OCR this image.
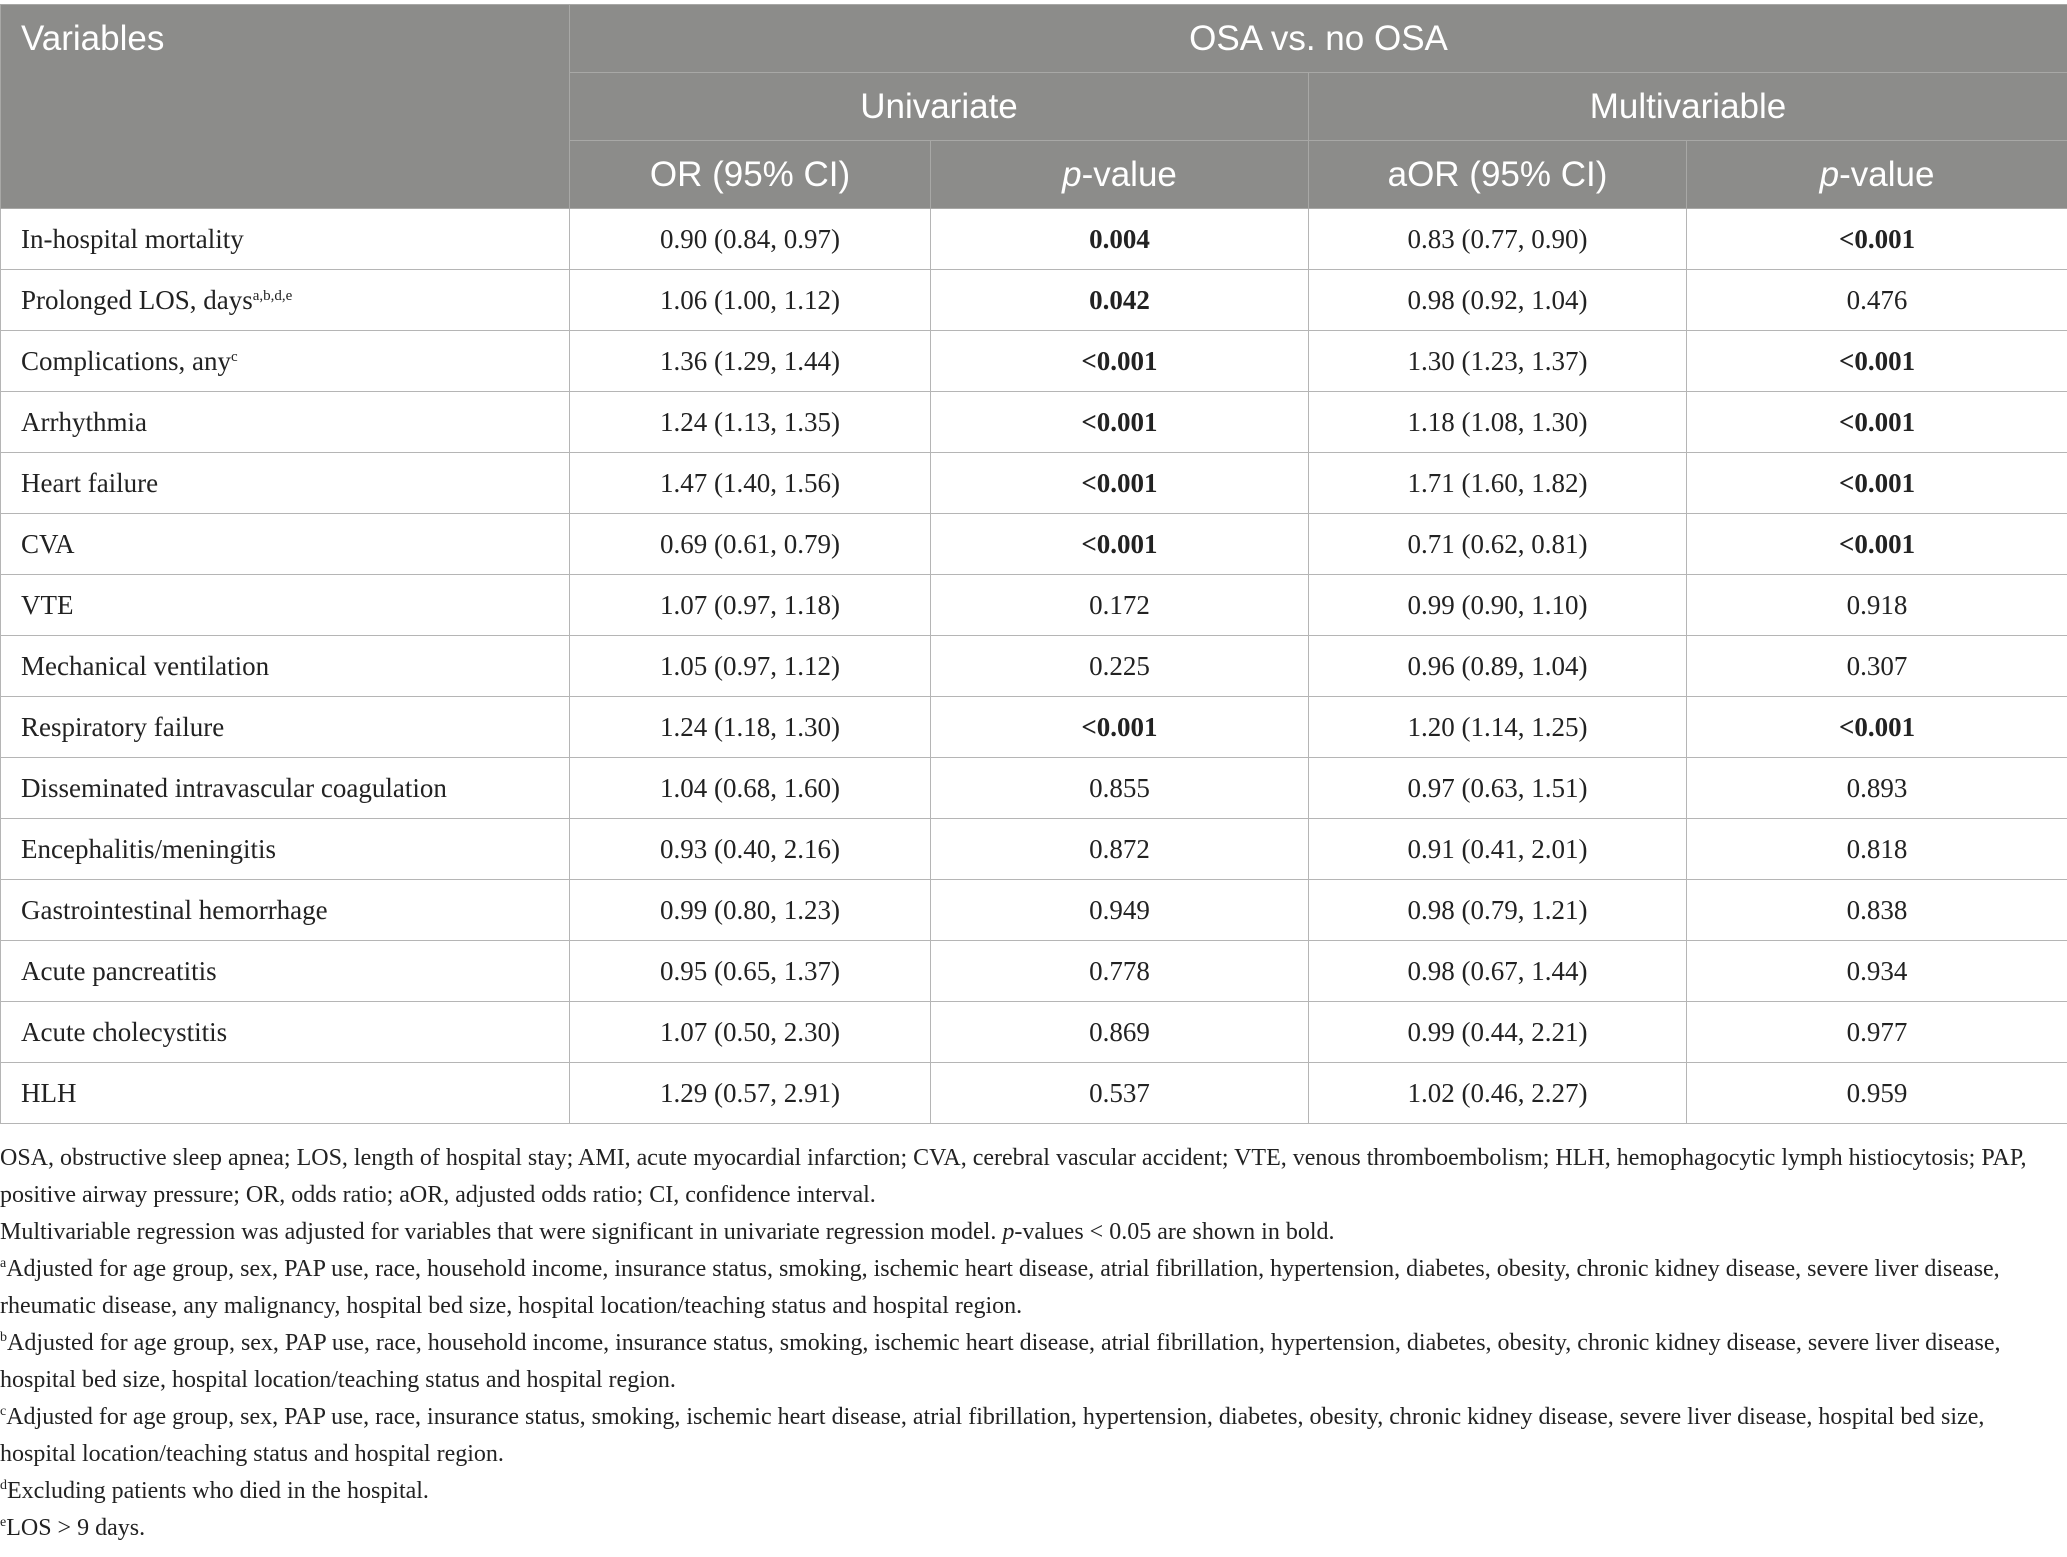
Variables	OSA vs. no OSA			
	Univariate		Multivariable	
	OR (95% CI)	p-value	aOR (95% CI)	p-value
In-hospital mortality	0.90 (0.84, 0.97)	0.004	0.83 (0.77, 0.90)	<0.001
Prolonged LOS, days$^{a,b,d,e}$	1.06 (1.00, 1.12)	0.042	0.98 (0.92, 1.04)	0.476
Complications, any$^c$	1.36 (1.29, 1.44)	<0.001	1.30 (1.23, 1.37)	<0.001
Arrhythmia	1.24 (1.13, 1.35)	<0.001	1.18 (1.08, 1.30)	<0.001
Heart failure	1.47 (1.40, 1.56)	<0.001	1.71 (1.60, 1.82)	<0.001
CVA	0.69 (0.61, 0.79)	<0.001	0.71 (0.62, 0.81)	<0.001
VTE	1.07 (0.97, 1.18)	0.172	0.99 (0.90, 1.10)	0.918
Mechanical ventilation	1.05 (0.97, 1.12)	0.225	0.96 (0.89, 1.04)	0.307
Respiratory failure	1.24 (1.18, 1.30)	<0.001	1.20 (1.14, 1.25)	<0.001
Disseminated intravascular coagulation	1.04 (0.68, 1.60)	0.855	0.97 (0.63, 1.51)	0.893
Encephalitis/meningitis	0.93 (0.40, 2.16)	0.872	0.91 (0.41, 2.01)	0.818
Gastrointestinal hemorrhage	0.99 (0.80, 1.23)	0.949	0.98 (0.79, 1.21)	0.838
Acute pancreatitis	0.95 (0.65, 1.37)	0.778	0.98 (0.67, 1.44)	0.934
Acute cholecystitis	1.07 (0.50, 2.30)	0.869	0.99 (0.44, 2.21)	0.977
HLH	1.29 (0.57, 2.91)	0.537	1.02 (0.46, 2.27)	0.959

OSA, obstructive sleep apnea; LOS, length of hospital stay; AMI, acute myocardial infarction; CVA, cerebral vascular accident; VTE, venous thromboembolism; HLH, hemophagocytic lymph histiocytosis; PAP, positive airway pressure; OR, odds ratio; aOR, adjusted odds ratio; CI, confidence interval.

Multivariable regression was adjusted for variables that were significant in univariate regression model. p-values < 0.05 are shown in bold.

$^a$Adjusted for age group, sex, PAP use, race, household income, insurance status, smoking, ischemic heart disease, atrial fibrillation, hypertension, diabetes, obesity, chronic kidney disease, severe liver disease, rheumatic disease, any malignancy, hospital bed size, hospital location/teaching status and hospital region.

$^b$Adjusted for age group, sex, PAP use, race, household income, insurance status, smoking, ischemic heart disease, atrial fibrillation, hypertension, diabetes, obesity, chronic kidney disease, severe liver disease, hospital bed size, hospital location/teaching status and hospital region.

$^c$Adjusted for age group, sex, PAP use, race, insurance status, smoking, ischemic heart disease, atrial fibrillation, hypertension, diabetes, obesity, chronic kidney disease, severe liver disease, hospital bed size, hospital location/teaching status and hospital region.

$^d$Excluding patients who died in the hospital.

$^e$LOS > 9 days.
